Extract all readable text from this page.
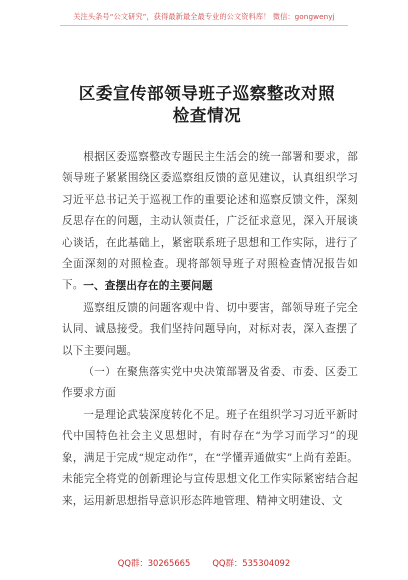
关注头条号“公文研究”，获得最新最全最专业的公文资料库！ 微信：gongwenyj
区委宣传部领导班子巡察整改对照检查情况

根据区委巡察整改专题民主生活会的统一部署和要求，部领导班子紧紧围绕区委巡察组反馈的意见建议，认真组织学习习近平总书记关于巡视工作的重要论述和巡察反馈文件，深刻反思存在的问题，主动认领责任，广泛征求意见，深入开展谈心谈话，在此基础上，紧密联系班子思想和工作实际，进行了全面深刻的对照检查。现将部领导班子对照检查情况报告如下。 一、查摆出存在的主要问题

巡察组反馈的问题客观中肯、切中要害，部领导班子完全认同、诚恳接受。我们坚持问题导向，对标对表，深入查摆了以下主要问题。

（一）在聚焦落实党中央决策部署及省委、市委、区委工作要求方面

一是理论武装深度转化不足。班子在组织学习习近平新时代中国特色社会主义思想时，有时存在“为学习而学习”的现象，满足于完成“规定动作”，在“学懂弄通做实”上尚有差距。未能完全将党的创新理论与宣传思想文化工作实际紧密结合起来，运用新思想指导意识形态阵地管理、精神文明建设、文

QQ群：30265665	QQ群：535304092
